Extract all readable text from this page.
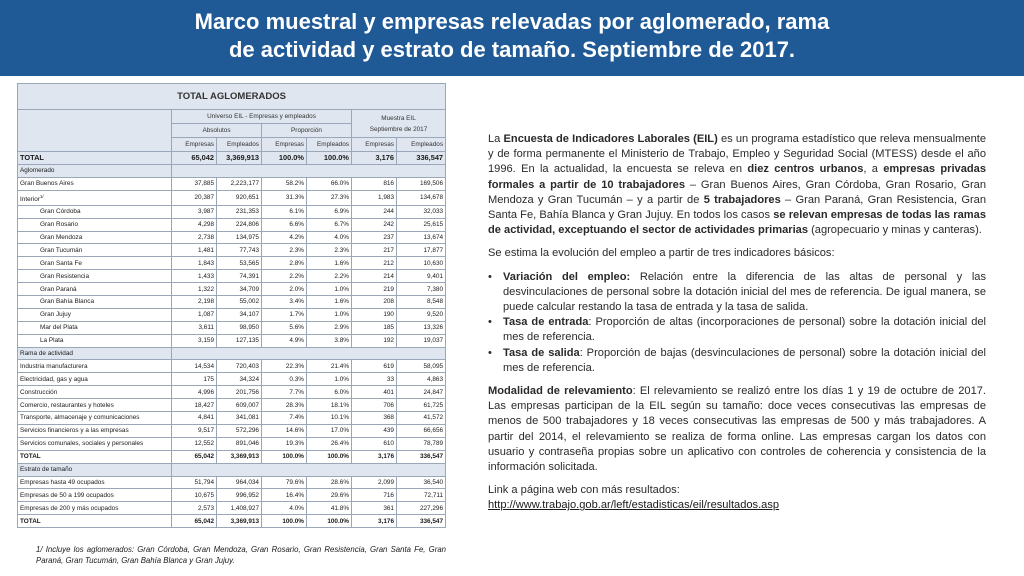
Marco muestral y empresas relevadas por aglomerado, rama
de actividad y estrato de tamaño. Septiembre de 2017.
TOTAL AGLOMERADOS						
	Universo EIL - Empresas y empleados				Muestra EIL
Septiembre de 2017	

	Absolutos		Proporción			
	Empresas	Empleados	Empresas	Empleados	Empresas	Empleados
TOTAL	65,042	3,369,913	100.0%	100.0%	3,176	336,547
Aglomerado						
Gran Buenos Aires	37,885	2,223,177	58.2%	66.0%	816	169,506
Interior$^{1/}$	20,387	920,651	31.3%	27.3%	1,983	134,678
Gran Córdoba	3,987	231,353	6.1%	6.9%	244	32,033
Gran Rosario	4,298	224,806	6.6%	6.7%	242	25,615
Gran Mendoza	2,738	134,975	4.2%	4.0%	237	13,674
Gran Tucumán	1,481	77,743	2.3%	2.3%	217	17,877
Gran Santa Fe	1,843	53,565	2.8%	1.6%	212	10,630
Gran Resistencia	1,433	74,391	2.2%	2.2%	214	9,401
Gran Paraná	1,322	34,709	2.0%	1.0%	219	7,380
Gran Bahía Blanca	2,198	55,002	3.4%	1.6%	208	8,548
Gran Jujuy	1,087	34,107	1.7%	1.0%	190	9,520
Mar del Plata	3,611	98,950	5.6%	2.9%	185	13,326
La Plata	3,159	127,135	4.9%	3.8%	192	19,037
Rama de actividad						
Industria manufacturera	14,534	720,403	22.3%	21.4%	619	58,095
Electricidad, gas y agua	175	34,324	0.3%	1.0%	33	4,863
Construcción	4,996	201,756	7.7%	6.0%	401	24,847
Comercio, restaurantes y hoteles	18,427	609,007	28.3%	18.1%	706	61,725
Transporte, almacenaje y comunicaciones	4,841	341,081	7.4%	10.1%	368	41,572
Servicios financieros y a las empresas	9,517	572,296	14.6%	17.0%	439	66,656
Servicios comunales, sociales y personales	12,552	891,046	19.3%	26.4%	610	78,789
TOTAL	65,042	3,369,913	100.0%	100.0%	3,176	336,547
Estrato de tamaño						
Empresas hasta 49 ocupados	51,794	964,034	79.6%	28.6%	2,099	36,540
Empresas de 50 a 199 ocupados	10,675	996,952	16.4%	29.6%	716	72,711
Empresas de 200 y más ocupados	2,573	1,408,927	4.0%	41.8%	361	227,296
TOTAL	65,042	3,369,913	100.0%	100.0%	3,176	336,547

1/ Incluye los aglomerados: Gran Córdoba, Gran Mendoza, Gran Rosario, Gran Resistencia, Gran Santa Fe, Gran Paraná, Gran Tucumán, Gran Bahía Blanca y Gran Jujuy.

La Encuesta de Indicadores Laborales (EIL) es un programa estadístico que releva mensualmente y de forma permanente el Ministerio de Trabajo, Empleo y Seguridad Social (MTESS) desde el año 1996. En la actualidad, la encuesta se releva en diez centros urbanos, a empresas privadas formales a partir de 10 trabajadores – Gran Buenos Aires, Gran Córdoba, Gran Rosario, Gran Mendoza y Gran Tucumán – y a partir de 5 trabajadores – Gran Paraná, Gran Resistencia, Gran Santa Fe, Bahía Blanca y Gran Jujuy. En todos los casos se relevan empresas de todas las ramas de actividad, exceptuando el sector de actividades primarias (agropecuario y minas y canteras).

Se estima la evolución del empleo a partir de tres indicadores básicos:

• Variación del empleo: Relación entre la diferencia de las altas de personal y las desvinculaciones de personal sobre la dotación inicial del mes de referencia. De igual manera, se puede calcular restando la tasa de entrada y la tasa de salida.
• Tasa de entrada: Proporción de altas (incorporaciones de personal) sobre la dotación inicial del mes de referencia.
• Tasa de salida: Proporción de bajas (desvinculaciones de personal) sobre la dotación inicial del mes de referencia.

Modalidad de relevamiento: El relevamiento se realizó entre los días 1 y 19 de octubre de 2017. Las empresas participan de la EIL según su tamaño: doce veces consecutivas las empresas de menos de 500 trabajadores y 18 veces consecutivas las empresas de 500 y más trabajadores. A partir del 2014, el relevamiento se realiza de forma online. Las empresas cargan los datos con usuario y contraseña propias sobre un aplicativo con controles de coherencia y consistencia de la información solicitada.

Link a página web con más resultados:

http://www.trabajo.gob.ar/left/estadisticas/eil/resultados.asp
